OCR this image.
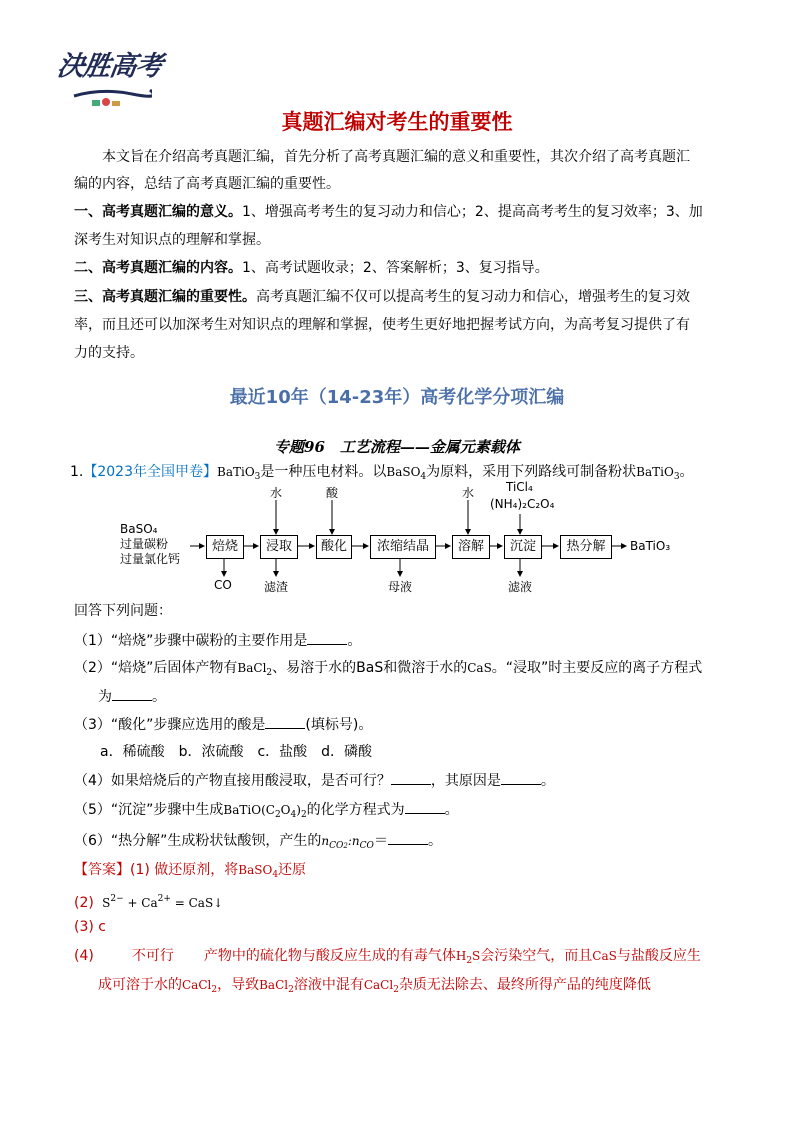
決胜高考
真题汇编对考生的重要性
本文旨在介绍高考真题汇编，首先分析了高考真题汇编的意义和重要性，其次介绍了高考真题汇
编的内容，总结了高考真题汇编的重要性。
一、高考真题汇编的意义。1、增强高考考生的复习动力和信心；2、提高高考考生的复习效率；3、加
深考生对知识点的理解和掌握。
二、高考真题汇编的内容。1、高考试题收录；2、答案解析；3、复习指导。
三、高考真题汇编的重要性。高考真题汇编不仅可以提高考生的复习动力和信心，增强考生的复习效
率，而且还可以加深考生对知识点的理解和掌握，使考生更好地把握考试方向，为高考复习提供了有
力的支持。
最近10年（14-23年）高考化学分项汇编
专题96　工艺流程——金属元素载体
1.【2023年全国甲卷】BaTiO$_3$是一种压电材料。以BaSO$_4$为原料，采用下列路线可制备粉状BaTiO$_3$。
BaSO₄
过量碳粉
过量氯化钙
焙烧	浸取	酸化	浓缩结晶	溶解	沉淀	热分解	BaTiO₃
水	酸	水	TiCl₄
(NH₄)₂C₂O₄
CO	滤渣	母液	滤液
回答下列问题：
（1）“焙烧”步骤中碳粉的主要作用是	。
（2）“焙烧”后固体产物有BaCl$_2$、易溶于水的BaS和微溶于水的CaS。“浸取”时主要反应的离子方程式
为	。
（3）“酸化”步骤应选用的酸是	(填标号)。
a．稀硫酸　b．浓硫酸　c．盐酸　d．磷酸
（4）如果焙烧后的产物直接用酸浸取，是否可行？	，其原因是	。
（5）“沉淀”步骤中生成$BaTiO(C_2O_4)_2$的化学方程式为	。
（6）“热分解”生成粉状钛酸钡，产生的$n_{CO2}:n_{CO}=$	。
【答案】(1) 做还原剂，将BaSO$_4$还原
(2)  $S^{2-} + Ca^{2+}$ = CaS↓
(3) c
(4)	不可行 产物中的硫化物与酸反应生成的有毒气体$H_2S$会污染空气，而且CaS与盐酸反应生
成可溶于水的CaCl$_2$，导致BaCl$_2$溶液中混有CaCl$_2$杂质无法除去、最终所得产品的纯度降低
